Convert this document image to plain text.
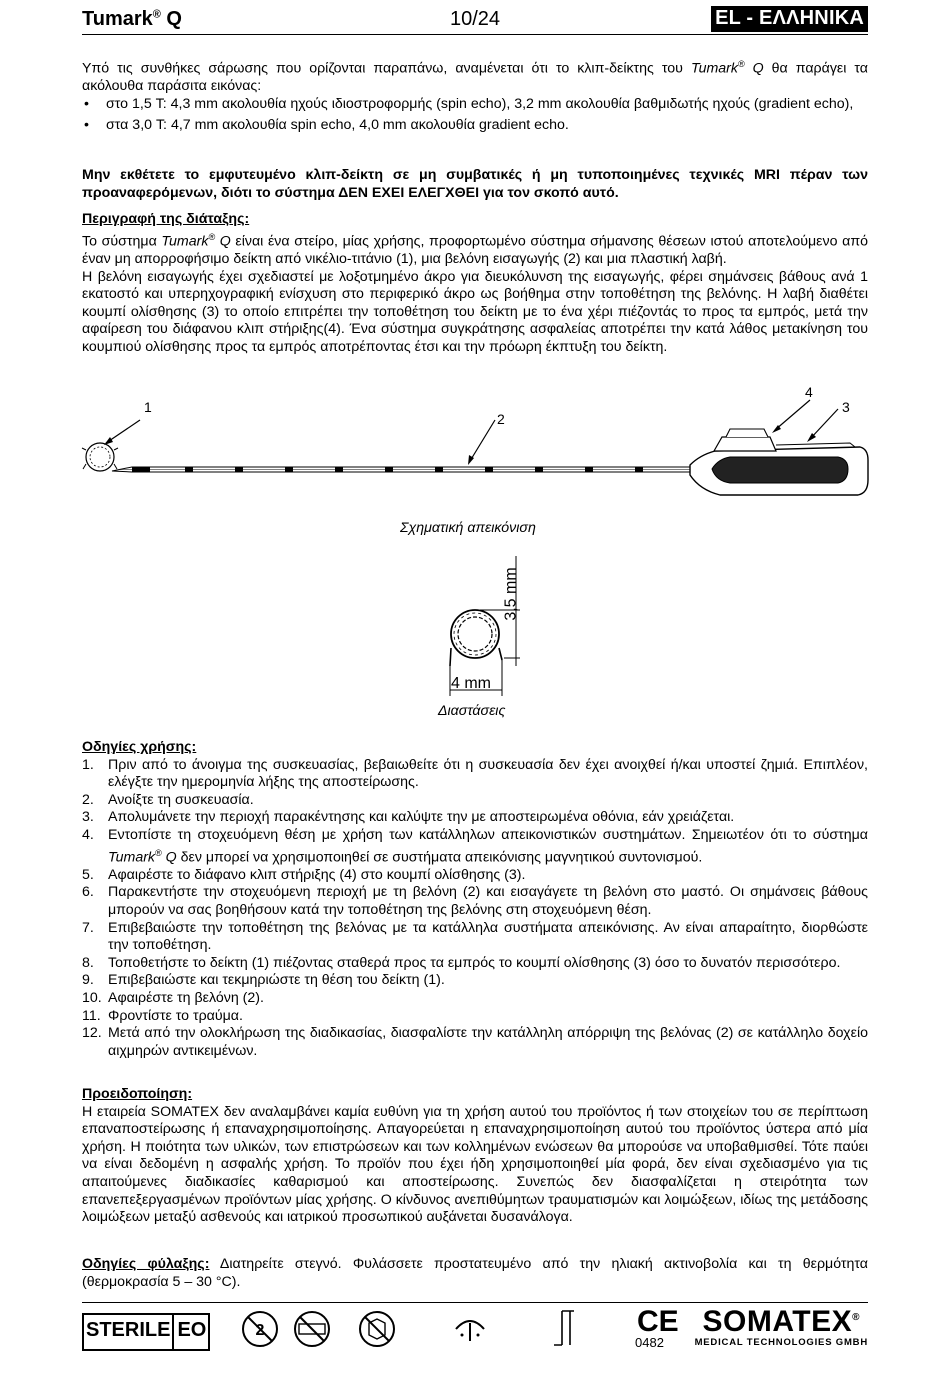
Tumark® Q	10/24	EL - ΕΛΛΗΝΙΚΑ

Υπό τις συνθήκες σάρωσης που ορίζονται παραπάνω, αναμένεται ότι το κλιπ-δείκτης του Tumark® Q θα παράγει τα ακόλουθα παράσιτα εικόνας:

• στο 1,5 T: 4,3 mm ακολουθία ηχούς ιδιοστροφορμής (spin echo), 3,2 mm ακολουθία βαθμιδωτής ηχούς (gradient echo),
• στα 3,0 T: 4,7 mm ακολουθία spin echo, 4,0 mm ακολουθία gradient echo.

Μην εκθέτετε το εμφυτευμένο κλιπ-δείκτη σε μη συμβατικές ή μη τυποποιημένες τεχνικές MRI πέραν των προαναφερόμενων, διότι το σύστημα ΔΕΝ ΕΧΕΙ ΕΛΕΓΧΘΕΙ για τον σκοπό αυτό.

Περιγραφή της διάταξης:

Το σύστημα Tumark® Q είναι ένα στείρο, μίας χρήσης, προφορτωμένο σύστημα σήμανσης θέσεων ιστού αποτελούμενο από έναν μη απορροφήσιμο δείκτη από νικέλιο-τιτάνιο (1), μια βελόνη εισαγωγής (2) και μια πλαστική λαβή.

Η βελόνη εισαγωγής έχει σχεδιαστεί με λοξοτμημένο άκρο για διευκόλυνση της εισαγωγής, φέρει σημάνσεις βάθους ανά 1 εκατοστό και υπερηχογραφική ενίσχυση στο περιφερικό άκρο ως βοήθημα στην τοποθέτηση της βελόνης. Η λαβή διαθέτει κουμπί ολίσθησης (3) το οποίο επιτρέπει την τοποθέτηση του δείκτη με το ένα χέρι πιέζοντάς το προς τα εμπρός, μετά την αφαίρεση του διάφανου κλιπ στήριξης(4). Ένα σύστημα συγκράτησης ασφαλείας αποτρέπει την κατά λάθος μετακίνηση του κουμπιού ολίσθησης προς τα εμπρός αποτρέποντας έτσι και την πρόωρη έκπτυξη του δείκτη.

1
2
3
4
Σχηματική απεικόνιση
3,5 mm
4 mm
Διαστάσεις
Οδηγίες χρήσης:
1. Πριν από το άνοιγμα της συσκευασίας, βεβαιωθείτε ότι η συσκευασία δεν έχει ανοιχθεί ή/και υποστεί ζημιά. Επιπλέον, ελέγξτε την ημερομηνία λήξης της αποστείρωσης.
2. Ανοίξτε τη συσκευασία.
3. Απολυμάνετε την περιοχή παρακέντησης και καλύψτε την με αποστειρωμένα οθόνια, εάν χρειάζεται.
4. Εντοπίστε τη στοχευόμενη θέση με χρήση των κατάλληλων απεικονιστικών συστημάτων. Σημειωτέον ότι το σύστημα Tumark® Q δεν μπορεί να χρησιμοποιηθεί σε συστήματα απεικόνισης μαγνητικού συντονισμού.
5. Αφαιρέστε το διάφανο κλιπ στήριξης (4) στο κουμπί ολίσθησης (3).
6. Παρακεντήστε την στοχευόμενη περιοχή με τη βελόνη (2) και εισαγάγετε τη βελόνη στο μαστό. Οι σημάνσεις βάθους μπορούν να σας βοηθήσουν κατά την τοποθέτηση της βελόνης στη στοχευόμενη θέση.
7. Επιβεβαιώστε την τοποθέτηση της βελόνας με τα κατάλληλα συστήματα απεικόνισης. Αν είναι απαραίτητο, διορθώστε την τοποθέτηση.
8. Τοποθετήστε το δείκτη (1) πιέζοντας σταθερά προς τα εμπρός το κουμπί ολίσθησης (3) όσο το δυνατόν περισσότερο.
9. Επιβεβαιώστε και τεκμηριώστε τη θέση του δείκτη (1).
10. Αφαιρέστε τη βελόνη (2).
11. Φροντίστε το τραύμα.
12. Μετά από την ολοκλήρωση της διαδικασίας, διασφαλίστε την κατάλληλη απόρριψη της βελόνας (2) σε κατάλληλο δοχείο αιχμηρών αντικειμένων.
Προειδοποίηση:

Η εταιρεία SOMATEX δεν αναλαμβάνει καμία ευθύνη για τη χρήση αυτού του προϊόντος ή των στοιχείων του σε περίπτωση επαναποστείρωσης ή επαναχρησιμοποίησης. Απαγορεύεται η επαναχρησιμοποίηση αυτού του προϊόντος ύστερα από μία χρήση. Η ποιότητα των υλικών, των επιστρώσεων και των κολλημένων ενώσεων θα μπορούσε να υποβαθμισθεί. Τότε παύει να είναι δεδομένη η ασφαλής χρήση. Το προϊόν που έχει ήδη χρησιμοποιηθεί μία φορά, δεν είναι σχεδιασμένο για τις απαιτούμενες διαδικασίες καθαρισμού και αποστείρωσης. Συνεπώς δεν διασφαλίζεται η στειρότητα των επανεπεξεργασμένων προϊόντων μίας χρήσης. Ο κίνδυνος ανεπιθύμητων τραυματισμών και λοιμώξεων, ιδίως της μετάδοσης λοιμώξεων μεταξύ ασθενούς και ιατρικού προσωπικού αυξάνεται δυσανάλογα.

Οδηγίες φύλαξης: Διατηρείτε στεγνό. Φυλάσσετε προστατευμένο από την ηλιακή ακτινοβολία και τη θερμότητα (θερμοκρασία 5 – 30 °C).

STERILE EO	2	CE
0482
SOMATEX®
MEDICAL TECHNOLOGIES GMBH
